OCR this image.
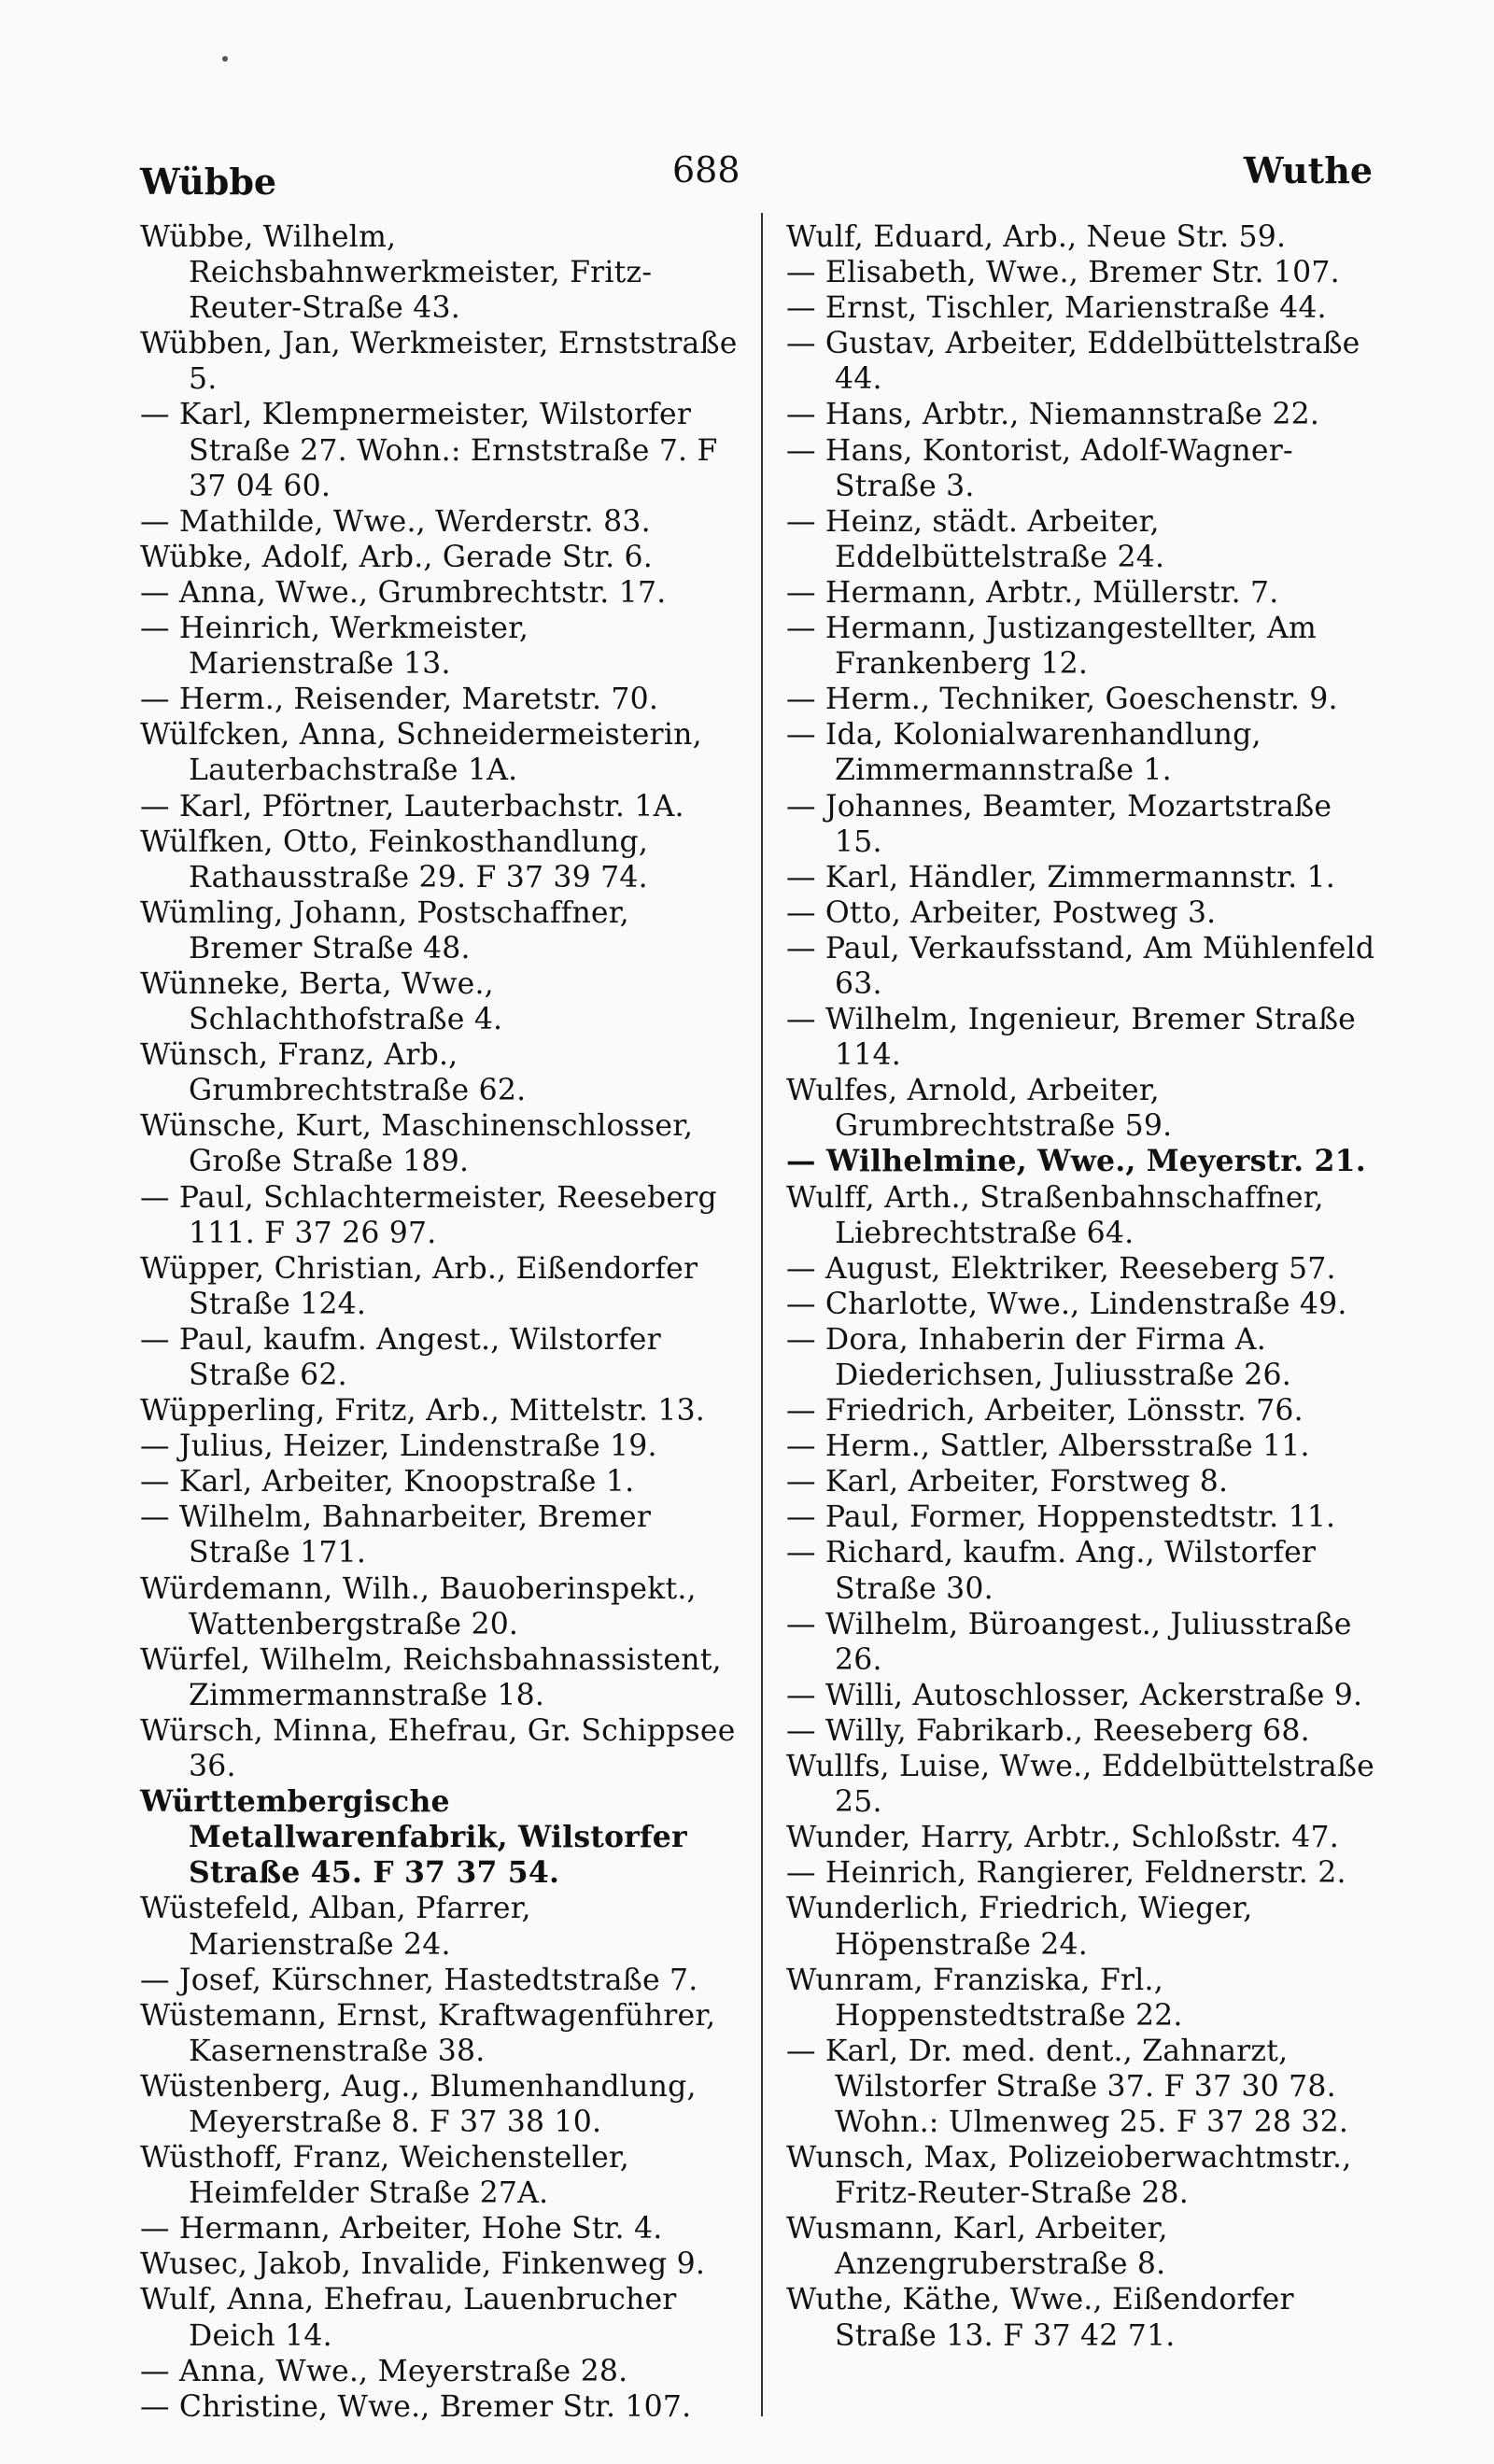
Wübbe	688	Wuthe

Wübbe, Wilhelm, Reichsbahnwerkmeister, Fritz-Reuter-Straße 43.

Wübben, Jan, Werkmeister, Ernststraße 5.

— Karl, Klempnermeister, Wilstorfer Straße 27. Wohn.: Ernststraße 7. F 37 04 60.

— Mathilde, Wwe., Werderstr. 83.

Wübke, Adolf, Arb., Gerade Str. 6.

— Anna, Wwe., Grumbrechtstr. 17.

— Heinrich, Werkmeister, Marienstraße 13.

— Herm., Reisender, Maretstr. 70.

Wülfcken, Anna, Schneidermeisterin, Lauterbachstraße 1A.

— Karl, Pförtner, Lauterbachstr. 1A.

Wülfken, Otto, Feinkosthandlung, Rathausstraße 29. F 37 39 74.

Wümling, Johann, Postschaffner, Bremer Straße 48.

Wünneke, Berta, Wwe., Schlachthofstraße 4.

Wünsch, Franz, Arb., Grumbrechtstraße 62.

Wünsche, Kurt, Maschinenschlosser, Große Straße 189.

— Paul, Schlachtermeister, Reeseberg 111. F 37 26 97.

Wüpper, Christian, Arb., Eißendorfer Straße 124.

— Paul, kaufm. Angest., Wilstorfer Straße 62.

Wüpperling, Fritz, Arb., Mittelstr. 13.

— Julius, Heizer, Lindenstraße 19.

— Karl, Arbeiter, Knoopstraße 1.

— Wilhelm, Bahnarbeiter, Bremer Straße 171.

Würdemann, Wilh., Bauoberinspekt., Wattenbergstraße 20.

Würfel, Wilhelm, Reichsbahnassistent, Zimmermannstraße 18.

Würsch, Minna, Ehefrau, Gr. Schippsee 36.

Württembergische Metallwarenfabrik, Wilstorfer Straße 45. F 37 37 54.

Wüstefeld, Alban, Pfarrer, Marienstraße 24.

— Josef, Kürschner, Hastedtstraße 7.

Wüstemann, Ernst, Kraftwagenführer, Kasernenstraße 38.

Wüstenberg, Aug., Blumenhandlung, Meyerstraße 8. F 37 38 10.

Wüsthoff, Franz, Weichensteller, Heimfelder Straße 27A.

— Hermann, Arbeiter, Hohe Str. 4.

Wusec, Jakob, Invalide, Finkenweg 9.

Wulf, Anna, Ehefrau, Lauenbrucher Deich 14.

— Anna, Wwe., Meyerstraße 28.

— Christine, Wwe., Bremer Str. 107.

Wulf, Eduard, Arb., Neue Str. 59.

— Elisabeth, Wwe., Bremer Str. 107.

— Ernst, Tischler, Marienstraße 44.

— Gustav, Arbeiter, Eddelbüttelstraße 44.

— Hans, Arbtr., Niemannstraße 22.

— Hans, Kontorist, Adolf-Wagner-Straße 3.

— Heinz, städt. Arbeiter, Eddelbüttelstraße 24.

— Hermann, Arbtr., Müllerstr. 7.

— Hermann, Justizangestellter, Am Frankenberg 12.

— Herm., Techniker, Goeschenstr. 9.

— Ida, Kolonialwarenhandlung, Zimmermannstraße 1.

— Johannes, Beamter, Mozartstraße 15.

— Karl, Händler, Zimmermannstr. 1.

— Otto, Arbeiter, Postweg 3.

— Paul, Verkaufsstand, Am Mühlenfeld 63.

— Wilhelm, Ingenieur, Bremer Straße 114.

Wulfes, Arnold, Arbeiter, Grumbrechtstraße 59.

— Wilhelmine, Wwe., Meyerstr. 21.

Wulff, Arth., Straßenbahnschaffner, Liebrechtstraße 64.

— August, Elektriker, Reeseberg 57.

— Charlotte, Wwe., Lindenstraße 49.

— Dora, Inhaberin der Firma A. Diederichsen, Juliusstraße 26.

— Friedrich, Arbeiter, Lönsstr. 76.

— Herm., Sattler, Albersstraße 11.

— Karl, Arbeiter, Forstweg 8.

— Paul, Former, Hoppenstedtstr. 11.

— Richard, kaufm. Ang., Wilstorfer Straße 30.

— Wilhelm, Büroangest., Juliusstraße 26.

— Willi, Autoschlosser, Ackerstraße 9.

— Willy, Fabrikarb., Reeseberg 68.

Wullfs, Luise, Wwe., Eddelbüttelstraße 25.

Wunder, Harry, Arbtr., Schloßstr. 47.

— Heinrich, Rangierer, Feldnerstr. 2.

Wunderlich, Friedrich, Wieger, Höpenstraße 24.

Wunram, Franziska, Frl., Hoppenstedtstraße 22.

— Karl, Dr. med. dent., Zahnarzt, Wilstorfer Straße 37. F 37 30 78. Wohn.: Ulmenweg 25. F 37 28 32.

Wunsch, Max, Polizeioberwachtmstr., Fritz-Reuter-Straße 28.

Wusmann, Karl, Arbeiter, Anzengruberstraße 8.

Wuthe, Käthe, Wwe., Eißendorfer Straße 13. F 37 42 71.
